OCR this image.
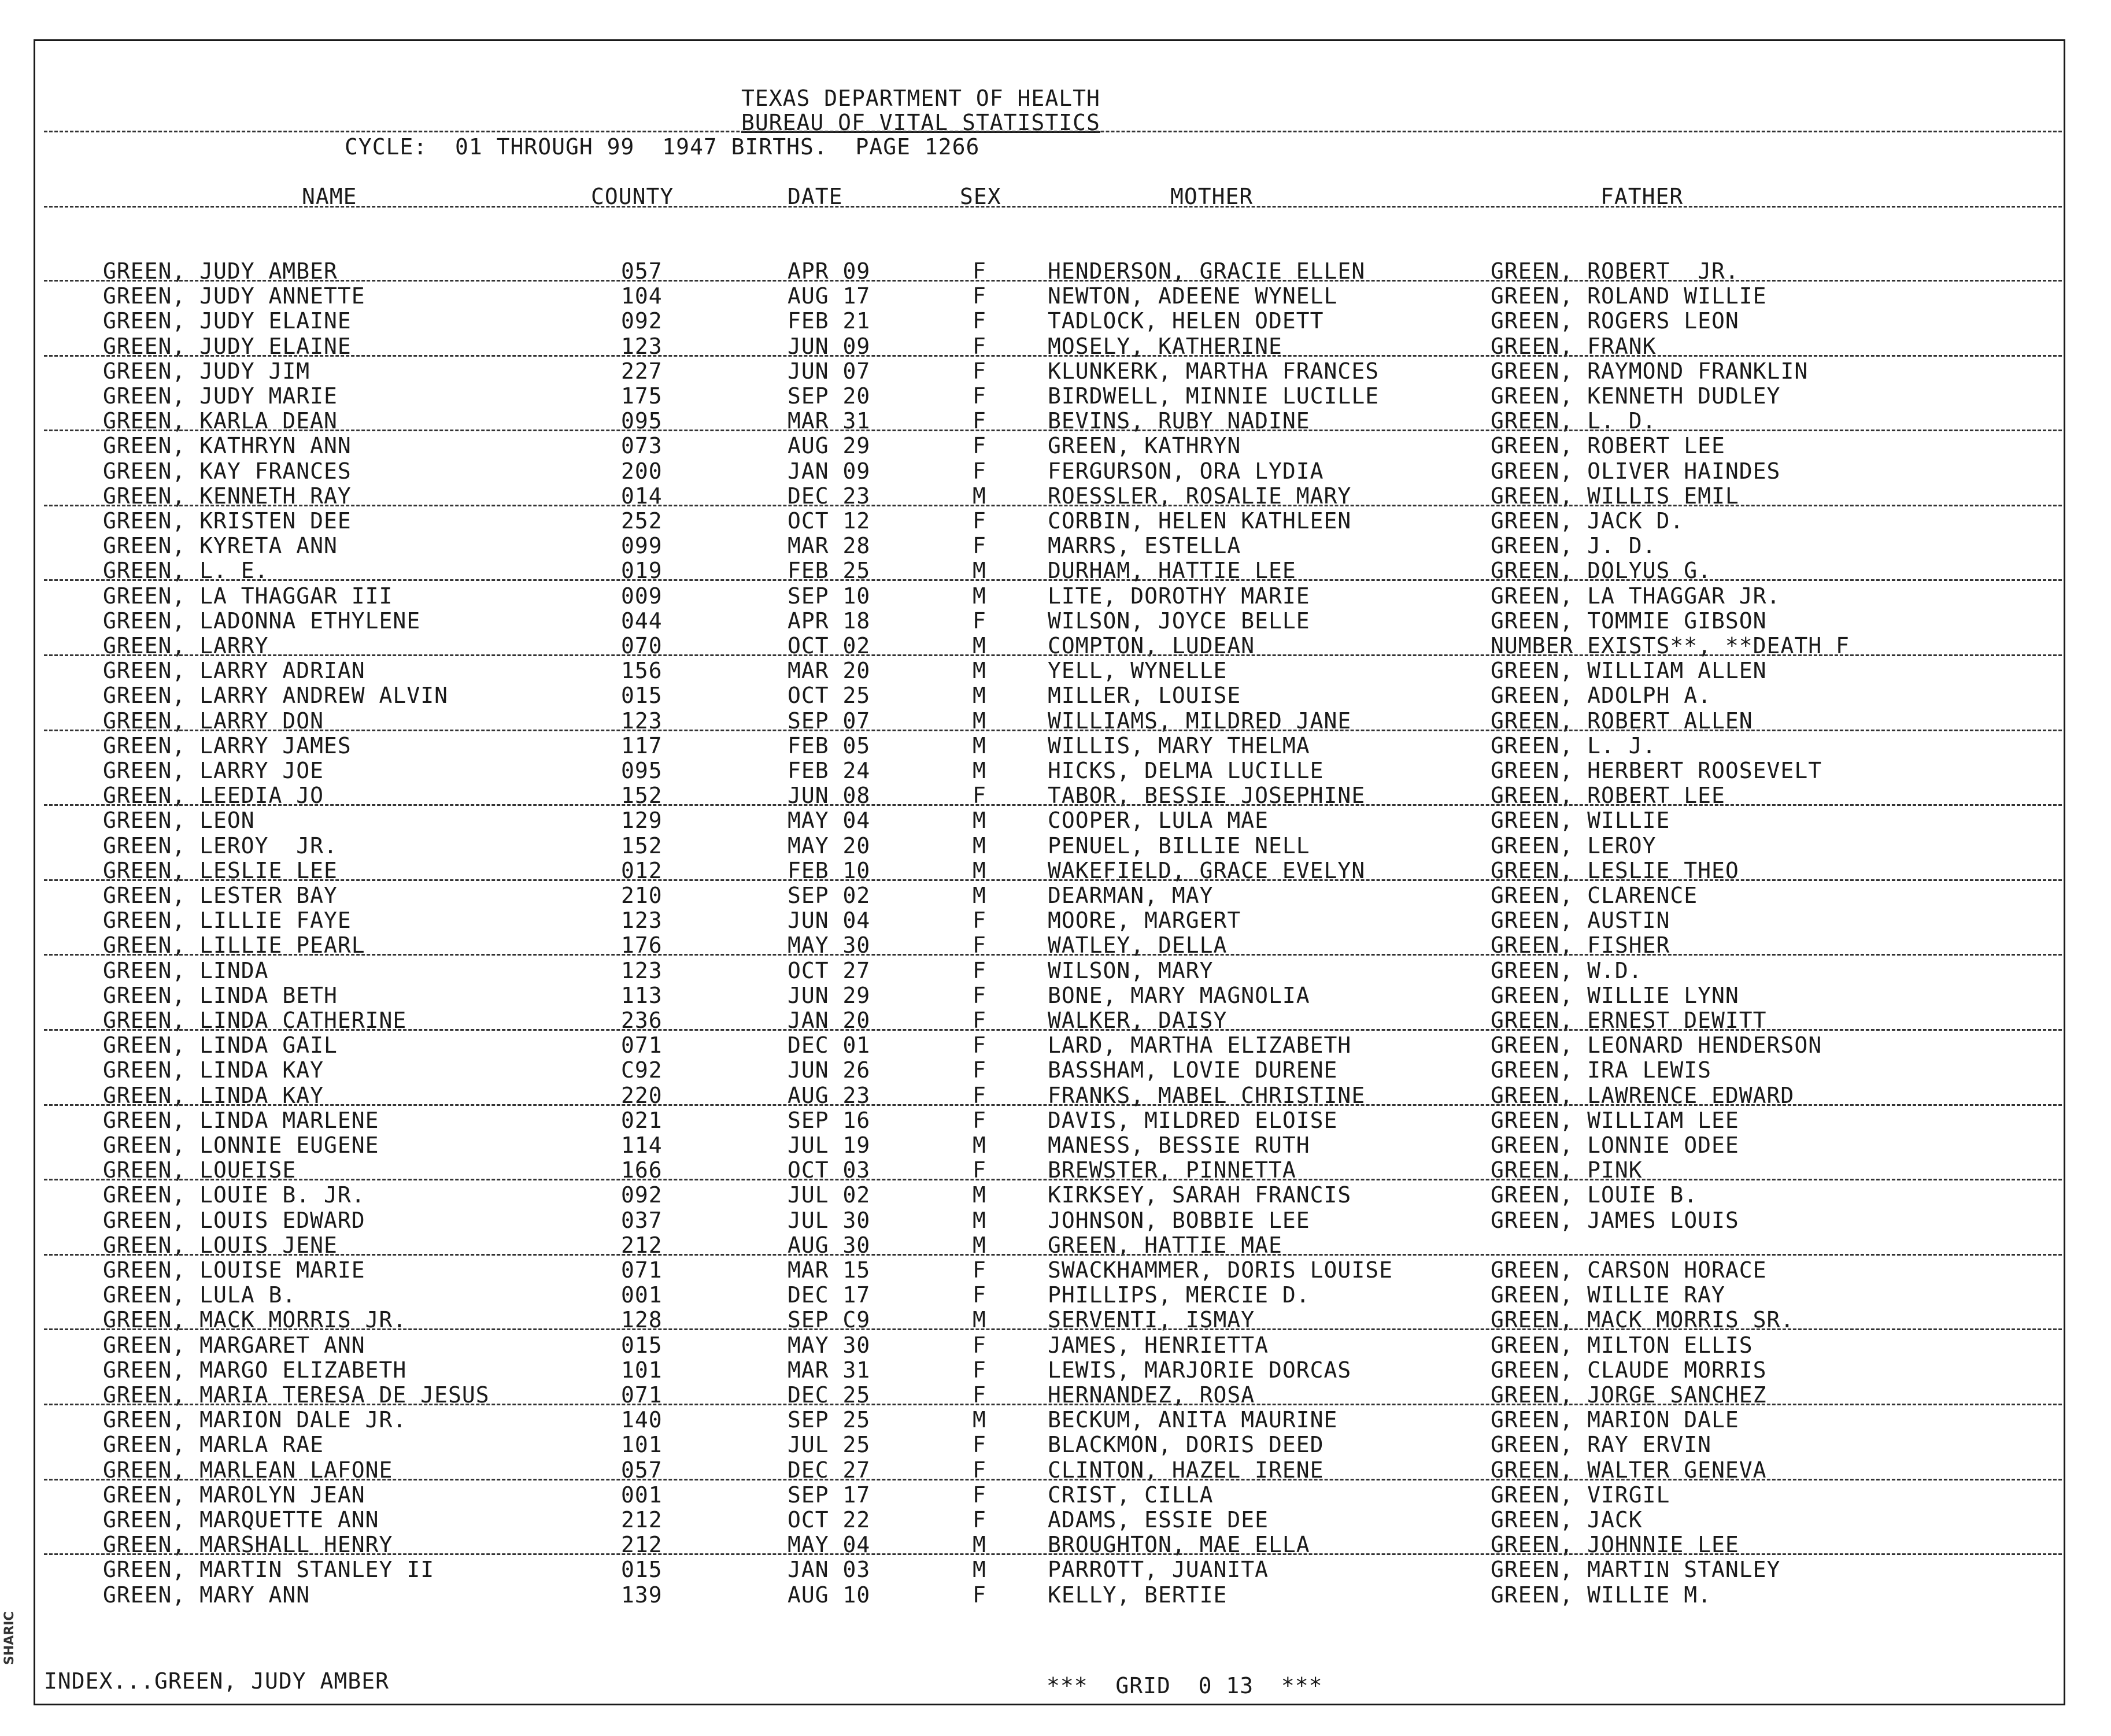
SHARIC
TEXAS DEPARTMENT OF HEALTH
BUREAU OF VITAL STATISTICS
CYCLE:  01 THROUGH 99  1947 BIRTHS.  PAGE 1266
NAME	COUNTY	DATE	SEX	MOTHER	FATHER
GREEN, JUDY AMBER	057	APR 09	F	HENDERSON, GRACIE ELLEN	GREEN, ROBERT  JR.
GREEN, JUDY ANNETTE	104	AUG 17	F	NEWTON, ADEENE WYNELL	GREEN, ROLAND WILLIE
GREEN, JUDY ELAINE	092	FEB 21	F	TADLOCK, HELEN ODETT	GREEN, ROGERS LEON
GREEN, JUDY ELAINE	123	JUN 09	F	MOSELY, KATHERINE	GREEN, FRANK
GREEN, JUDY JIM	227	JUN 07	F	KLUNKERK, MARTHA FRANCES	GREEN, RAYMOND FRANKLIN
GREEN, JUDY MARIE	175	SEP 20	F	BIRDWELL, MINNIE LUCILLE	GREEN, KENNETH DUDLEY
GREEN, KARLA DEAN	095	MAR 31	F	BEVINS, RUBY NADINE	GREEN, L. D.
GREEN, KATHRYN ANN	073	AUG 29	F	GREEN, KATHRYN	GREEN, ROBERT LEE
GREEN, KAY FRANCES	200	JAN 09	F	FERGURSON, ORA LYDIA	GREEN, OLIVER HAINDES
GREEN, KENNETH RAY	014	DEC 23	M	ROESSLER, ROSALIE MARY	GREEN, WILLIS EMIL
GREEN, KRISTEN DEE	252	OCT 12	F	CORBIN, HELEN KATHLEEN	GREEN, JACK D.
GREEN, KYRETA ANN	099	MAR 28	F	MARRS, ESTELLA	GREEN, J. D.
GREEN, L. E.	019	FEB 25	M	DURHAM, HATTIE LEE	GREEN, DOLYUS G.
GREEN, LA THAGGAR III	009	SEP 10	M	LITE, DOROTHY MARIE	GREEN, LA THAGGAR JR.
GREEN, LADONNA ETHYLENE	044	APR 18	F	WILSON, JOYCE BELLE	GREEN, TOMMIE GIBSON
GREEN, LARRY	070	OCT 02	M	COMPTON, LUDEAN	NUMBER EXISTS**, **DEATH F
GREEN, LARRY ADRIAN	156	MAR 20	M	YELL, WYNELLE	GREEN, WILLIAM ALLEN
GREEN, LARRY ANDREW ALVIN	015	OCT 25	M	MILLER, LOUISE	GREEN, ADOLPH A.
GREEN, LARRY DON	123	SEP 07	M	WILLIAMS, MILDRED JANE	GREEN, ROBERT ALLEN
GREEN, LARRY JAMES	117	FEB 05	M	WILLIS, MARY THELMA	GREEN, L. J.
GREEN, LARRY JOE	095	FEB 24	M	HICKS, DELMA LUCILLE	GREEN, HERBERT ROOSEVELT
GREEN, LEEDIA JO	152	JUN 08	F	TABOR, BESSIE JOSEPHINE	GREEN, ROBERT LEE
GREEN, LEON	129	MAY 04	M	COOPER, LULA MAE	GREEN, WILLIE
GREEN, LEROY  JR.	152	MAY 20	M	PENUEL, BILLIE NELL	GREEN, LEROY
GREEN, LESLIE LEE	012	FEB 10	M	WAKEFIELD, GRACE EVELYN	GREEN, LESLIE THEO
GREEN, LESTER BAY	210	SEP 02	M	DEARMAN, MAY	GREEN, CLARENCE
GREEN, LILLIE FAYE	123	JUN 04	F	MOORE, MARGERT	GREEN, AUSTIN
GREEN, LILLIE PEARL	176	MAY 30	F	WATLEY, DELLA	GREEN, FISHER
GREEN, LINDA	123	OCT 27	F	WILSON, MARY	GREEN, W.D.
GREEN, LINDA BETH	113	JUN 29	F	BONE, MARY MAGNOLIA	GREEN, WILLIE LYNN
GREEN, LINDA CATHERINE	236	JAN 20	F	WALKER, DAISY	GREEN, ERNEST DEWITT
GREEN, LINDA GAIL	071	DEC 01	F	LARD, MARTHA ELIZABETH	GREEN, LEONARD HENDERSON
GREEN, LINDA KAY	C92	JUN 26	F	BASSHAM, LOVIE DURENE	GREEN, IRA LEWIS
GREEN, LINDA KAY	220	AUG 23	F	FRANKS, MABEL CHRISTINE	GREEN, LAWRENCE EDWARD
GREEN, LINDA MARLENE	021	SEP 16	F	DAVIS, MILDRED ELOISE	GREEN, WILLIAM LEE
GREEN, LONNIE EUGENE	114	JUL 19	M	MANESS, BESSIE RUTH	GREEN, LONNIE ODEE
GREEN, LOUEISE	166	OCT 03	F	BREWSTER, PINNETTA	GREEN, PINK
GREEN, LOUIE B. JR.	092	JUL 02	M	KIRKSEY, SARAH FRANCIS	GREEN, LOUIE B.
GREEN, LOUIS EDWARD	037	JUL 30	M	JOHNSON, BOBBIE LEE	GREEN, JAMES LOUIS
GREEN, LOUIS JENE	212	AUG 30	M	GREEN, HATTIE MAE
GREEN, LOUISE MARIE	071	MAR 15	F	SWACKHAMMER, DORIS LOUISE	GREEN, CARSON HORACE
GREEN, LULA B.	001	DEC 17	F	PHILLIPS, MERCIE D.	GREEN, WILLIE RAY
GREEN, MACK MORRIS JR.	128	SEP C9	M	SERVENTI, ISMAY	GREEN, MACK MORRIS SR.
GREEN, MARGARET ANN	015	MAY 30	F	JAMES, HENRIETTA	GREEN, MILTON ELLIS
GREEN, MARGO ELIZABETH	101	MAR 31	F	LEWIS, MARJORIE DORCAS	GREEN, CLAUDE MORRIS
GREEN, MARIA TERESA DE JESUS	071	DEC 25	F	HERNANDEZ, ROSA	GREEN, JORGE SANCHEZ
GREEN, MARION DALE JR.	140	SEP 25	M	BECKUM, ANITA MAURINE	GREEN, MARION DALE
GREEN, MARLA RAE	101	JUL 25	F	BLACKMON, DORIS DEED	GREEN, RAY ERVIN
GREEN, MARLEAN LAFONE	057	DEC 27	F	CLINTON, HAZEL IRENE	GREEN, WALTER GENEVA
GREEN, MAROLYN JEAN	001	SEP 17	F	CRIST, CILLA	GREEN, VIRGIL
GREEN, MARQUETTE ANN	212	OCT 22	F	ADAMS, ESSIE DEE	GREEN, JACK
GREEN, MARSHALL HENRY	212	MAY 04	M	BROUGHTON, MAE ELLA	GREEN, JOHNNIE LEE
GREEN, MARTIN STANLEY II	015	JAN 03	M	PARROTT, JUANITA	GREEN, MARTIN STANLEY
GREEN, MARY ANN	139	AUG 10	F	KELLY, BERTIE	GREEN, WILLIE M.
INDEX...GREEN, JUDY AMBER	***  GRID  0 13  ***
